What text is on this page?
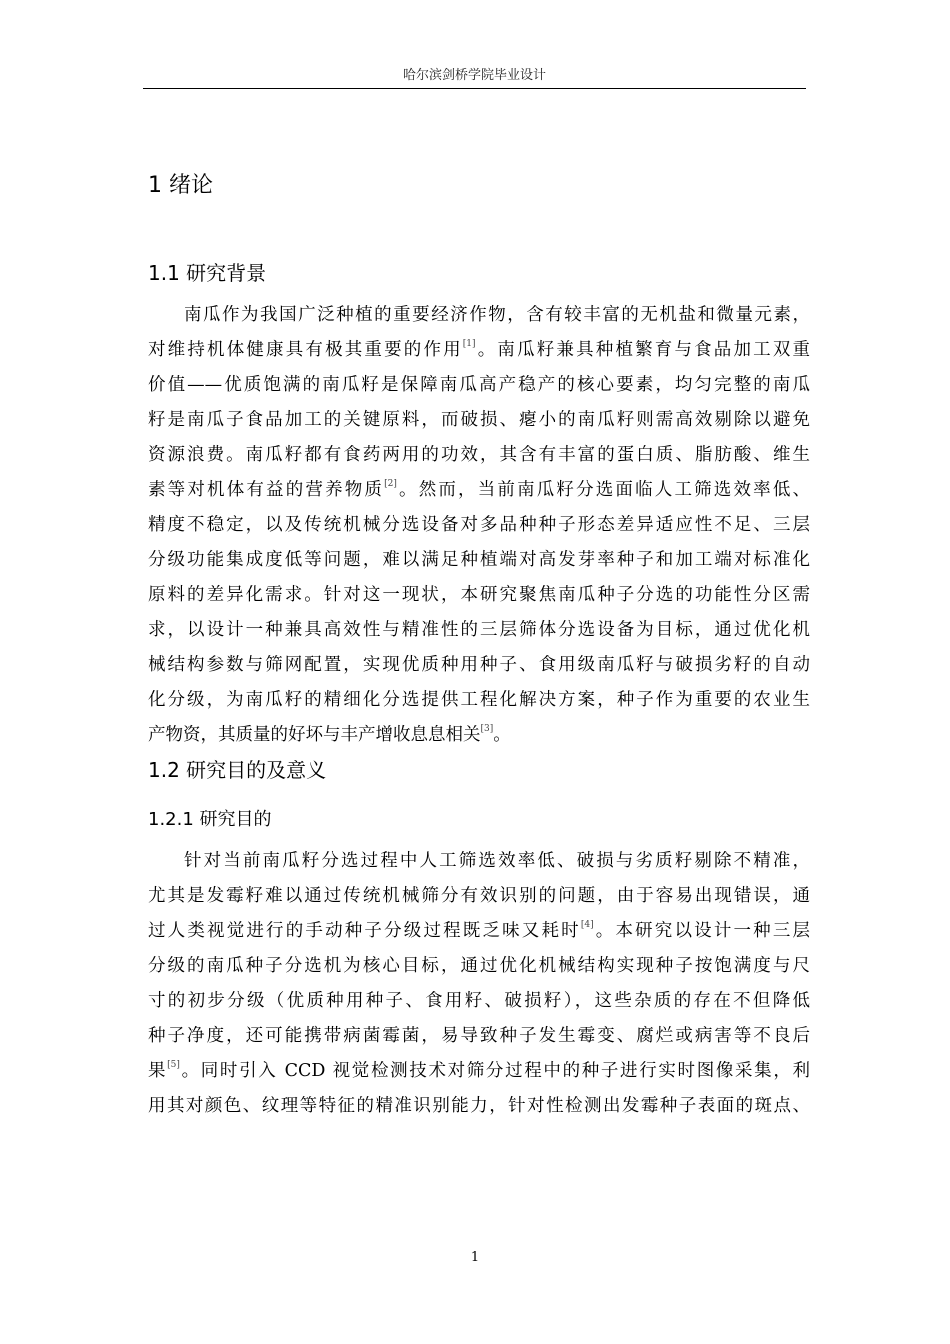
哈尔滨剑桥学院毕业设计
1 绪论
1.1 研究背景
南瓜作为我国广泛种植的重要经济作物，含有较丰富的无机盐和微量元素，
对维持机体健康具有极其重要的作用[1]。南瓜籽兼具种植繁育与食品加工双重
价值——优质饱满的南瓜籽是保障南瓜高产稳产的核心要素，均匀完整的南瓜
籽是南瓜子食品加工的关键原料，而破损、瘪小的南瓜籽则需高效剔除以避免
资源浪费。南瓜籽都有食药两用的功效，其含有丰富的蛋白质、脂肪酸、维生
素等对机体有益的营养物质[2]。然而，当前南瓜籽分选面临人工筛选效率低、
精度不稳定，以及传统机械分选设备对多品种种子形态差异适应性不足、三层
分级功能集成度低等问题，难以满足种植端对高发芽率种子和加工端对标准化
原料的差异化需求。针对这一现状，本研究聚焦南瓜种子分选的功能性分区需
求，以设计一种兼具高效性与精准性的三层筛体分选设备为目标，通过优化机
械结构参数与筛网配置，实现优质种用种子、食用级南瓜籽与破损劣籽的自动
化分级，为南瓜籽的精细化分选提供工程化解决方案，种子作为重要的农业生
产物资，其质量的好坏与丰产增收息息相关[3]。
1.2 研究目的及意义
1.2.1 研究目的
针对当前南瓜籽分选过程中人工筛选效率低、破损与劣质籽剔除不精准，
尤其是发霉籽难以通过传统机械筛分有效识别的问题，由于容易出现错误，通
过人类视觉进行的手动种子分级过程既乏味又耗时[4]。本研究以设计一种三层
分级的南瓜种子分选机为核心目标，通过优化机械结构实现种子按饱满度与尺
寸的初步分级（优质种用种子、食用籽、破损籽），这些杂质的存在不但降低
种子净度，还可能携带病菌霉菌，易导致种子发生霉变、腐烂或病害等不良后
果[5]。同时引入 CCD 视觉检测技术对筛分过程中的种子进行实时图像采集，利
用其对颜色、纹理等特征的精准识别能力，针对性检测出发霉种子表面的斑点、
1
